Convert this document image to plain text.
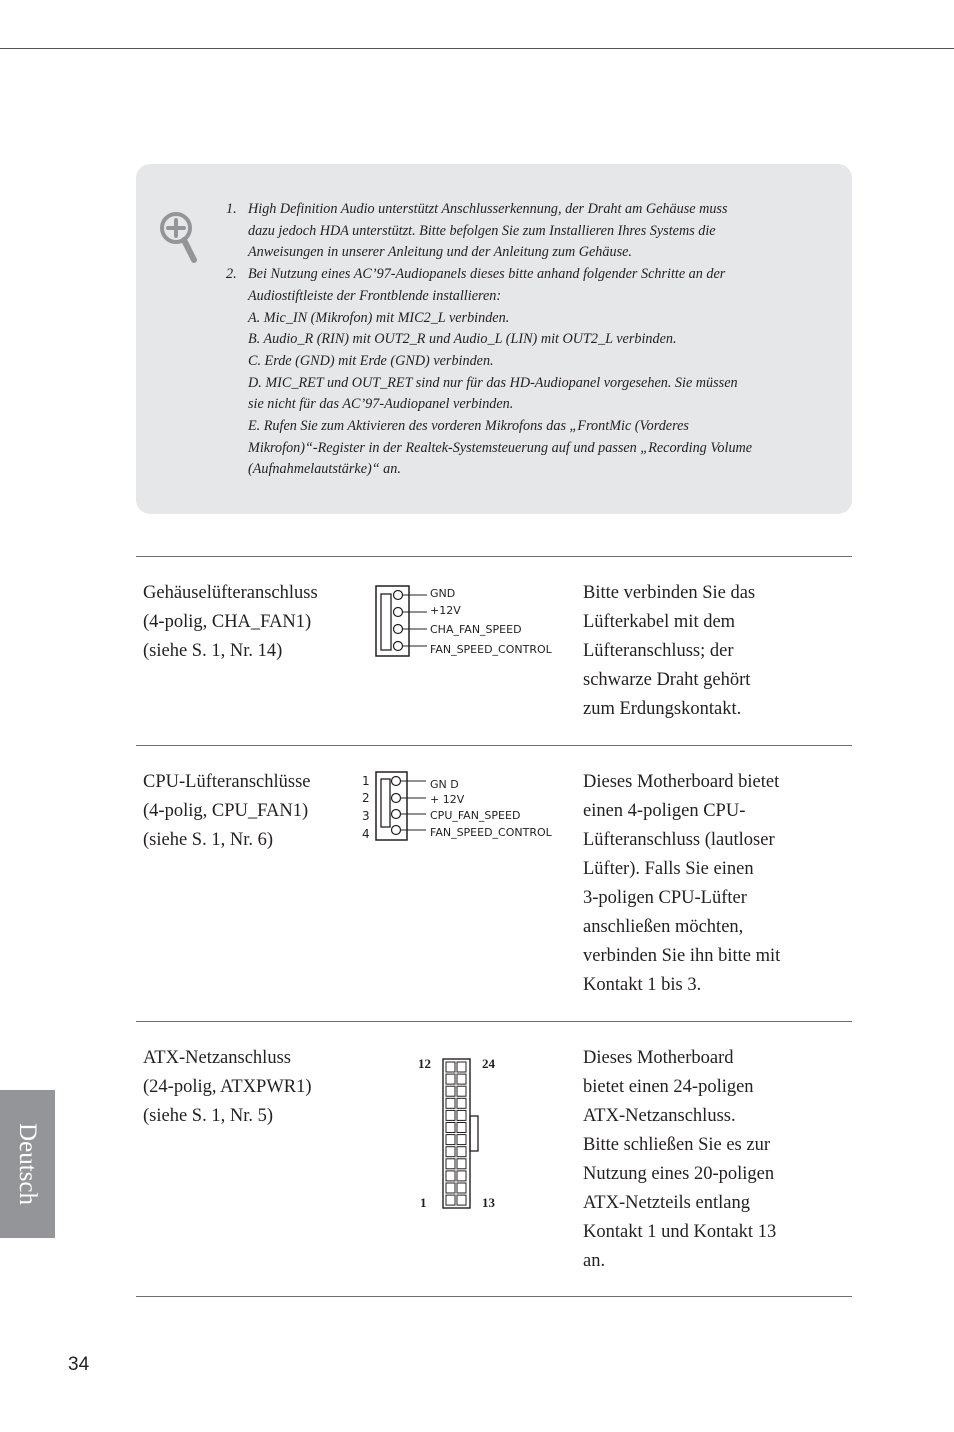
1. High Definition Audio unterstützt Anschlusserkennung, der Draht am Gehäuse muss
dazu jedoch HDA unterstützt. Bitte befolgen Sie zum Installieren Ihres Systems die
Anweisungen in unserer Anleitung und der Anleitung zum Gehäuse.
2. Bei Nutzung eines AC’97-Audiopanels dieses bitte anhand folgender Schritte an der
Audiostiftleiste der Frontblende installieren:
A. Mic_IN (Mikrofon) mit MIC2_L verbinden.
B. Audio_R (RIN) mit OUT2_R und Audio_L (LIN) mit OUT2_L verbinden.
C. Erde (GND) mit Erde (GND) verbinden.
D. MIC_RET und OUT_RET sind nur für das HD-Audiopanel vorgesehen. Sie müssen
sie nicht für das AC’97-Audiopanel verbinden.
E. Rufen Sie zum Aktivieren des vorderen Mikrofons das „FrontMic (Vorderes
Mikrofon)“-Register in der Realtek-Systemsteuerung auf und passen „Recording Volume
(Aufnahmelautstärke)“ an.
Gehäuselüfteranschluss
(4-polig, CHA_FAN1)
(siehe S. 1, Nr. 14)
GND
+12V
CHA_FAN_SPEED
FAN_SPEED_CONTROL
Bitte verbinden Sie das
Lüfterkabel mit dem
Lüfteranschluss; der
schwarze Draht gehört
zum Erdungskontakt.
CPU-Lüfteranschlüsse
(4-polig, CPU_FAN1)
(siehe S. 1, Nr. 6)
1
2
3
4
GN D
+ 12V
CPU_FAN_SPEED
FAN_SPEED_CONTROL
Dieses Motherboard bietet
einen 4-poligen CPU-
Lüfteranschluss (lautloser
Lüfter). Falls Sie einen
3-poligen CPU-Lüfter
anschließen möchten,
verbinden Sie ihn bitte mit
Kontakt 1 bis 3.
ATX-Netzanschluss
(24-polig, ATXPWR1)
(siehe S. 1, Nr. 5)
12	24
1	13
Dieses Motherboard
bietet einen 24-poligen
ATX-Netzanschluss.
Bitte schließen Sie es zur
Nutzung eines 20-poligen
ATX-Netzteils entlang
Kontakt 1 und Kontakt 13
an.
Deutsch
34
